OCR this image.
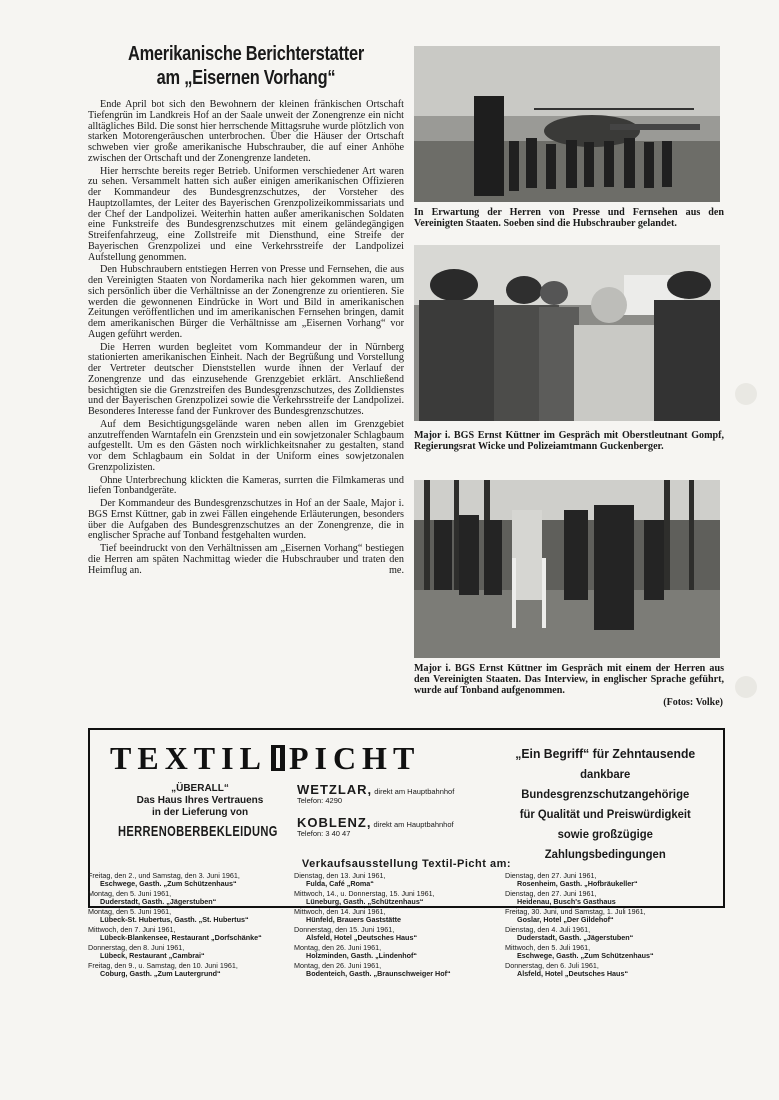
Amerikanische Berichterstatter
am „Eisernen Vorhang“

Ende April bot sich den Bewohnern der kleinen fränkischen Ortschaft Tiefengrün im Landkreis Hof an der Saale unweit der Zonengrenze ein nicht alltägliches Bild. Die sonst hier herrschende Mittagsruhe wurde plötzlich von starken Motorengeräuschen unterbrochen. Über die Häuser der Ortschaft schweben vier große amerikanische Hubschrauber, die auf einer Anhöhe zwischen der Ortschaft und der Zonengrenze landeten.

Hier herrschte bereits reger Betrieb. Uniformen verschiedener Art waren zu sehen. Versammelt hatten sich außer einigen amerikanischen Offizieren der Kommandeur des Bundesgrenzschutzes, der Vorsteher des Hauptzollamtes, der Leiter des Bayerischen Grenzpolizeikommissariats und der Chef der Landpolizei. Weiterhin hatten außer amerikanischen Soldaten eine Funkstreife des Bundesgrenzschutzes mit einem geländegängigen Streifenfahrzeug, eine Zollstreife mit Diensthund, eine Streife der Bayerischen Grenzpolizei und eine Verkehrsstreife der Landpolizei Aufstellung genommen.

Den Hubschraubern entstiegen Herren von Presse und Fernsehen, die aus den Vereinigten Staaten von Nordamerika nach hier gekommen waren, um sich persönlich über die Verhältnisse an der Zonengrenze zu orientieren. Sie werden die gewonnenen Eindrücke in Wort und Bild in amerikanischen Zeitungen veröffentlichen und im amerikanischen Fernsehen bringen, damit dem amerikanischen Bürger die Verhältnisse am „Eisernen Vorhang“ vor Augen geführt werden.

Die Herren wurden begleitet vom Kommandeur der in Nürnberg stationierten amerikanischen Einheit. Nach der Begrüßung und Vorstellung der Vertreter deutscher Dienststellen wurde ihnen der Verlauf der Zonengrenze und das einzusehende Grenzgebiet erklärt. Anschließend besichtigten sie die Grenzstreifen des Bundesgrenzschutzes, des Zolldienstes und der Bayerischen Grenzpolizei sowie die Verkehrsstreife der Landpolizei. Besonderes Interesse fand der Funkrover des Bundesgrenzschutzes.

Auf dem Besichtigungsgelände waren neben allen im Grenzgebiet anzutreffenden Warntafeln ein Grenzstein und ein sowjetzonaler Schlagbaum aufgestellt. Um es den Gästen noch wirklichkeitsnaher zu gestalten, stand vor dem Schlagbaum ein Soldat in der Uniform eines sowjetzonalen Grenzpolizisten.

Ohne Unterbrechung klickten die Kameras, surrten die Filmkameras und liefen Tonbandgeräte.

Der Kommandeur des Bundesgrenzschutzes in Hof an der Saale, Major i. BGS Ernst Küttner, gab in zwei Fällen eingehende Erläuterungen, besonders über die Aufgaben des Bundesgrenzschutzes an der Zonengrenze, die in englischer Sprache auf Tonband festgehalten wurden.

Tief beeindruckt von den Verhältnissen am „Eisernen Vorhang“ bestiegen die Herren am späten Nachmittag wieder die Hubschrauber und traten den Heimflug an.	me.

In Erwartung der Herren von Presse und Fernsehen aus den Vereinigten Staaten. Soeben sind die Hubschrauber gelandet.
Major i. BGS Ernst Küttner im Gespräch mit Oberstleutnant Gompf, Regierungsrat Wicke und Polizeiamtmann Guckenberger.
Major i. BGS Ernst Küttner im Gespräch mit einem der Herren aus den Vereinigten Staaten. Das Interview, in englischer Sprache geführt, wurde auf Tonband aufgenommen.
(Fotos: Volke)
TEXTIL PICHT
„ÜBERALL“
Das Haus Ihres Vertrauens
in der Lieferung von
HERRENOBERBEKLEIDUNG
WETZLAR, direkt am Hauptbahnhof
Telefon: 4290
KOBLENZ, direkt am Hauptbahnhof
Telefon: 3 40 47
„Ein Begriff“ für Zehntausende
dankbare Bundesgrenzschutzangehörige
für Qualität und Preiswürdigkeit
sowie großzügige Zahlungsbedingungen
Verkaufsausstellung Textil-Picht am:
Freitag, den 2., und Samstag, den 3. Juni 1961,
Eschwege, Gasth. „Zum Schützenhaus“
Montag, den 5. Juni 1961,
Duderstadt, Gasth. „Jägerstuben“
Montag, den 5. Juni 1961,
Lübeck-St. Hubertus, Gasth. „St. Hubertus“
Mittwoch, den 7. Juni 1961,
Lübeck-Blankensee, Restaurant „Dorfschänke“
Donnerstag, den 8. Juni 1961,
Lübeck, Restaurant „Cambrai“
Freitag, den 9., u. Samstag, den 10. Juni 1961,
Coburg, Gasth. „Zum Lautergrund“
Dienstag, den 13. Juni 1961,
Fulda, Café „Roma“
Mittwoch, 14., u. Donnerstag, 15. Juni 1961,
Lüneburg, Gasth. „Schützenhaus“
Mittwoch, den 14. Juni 1961,
Hünfeld, Brauers Gaststätte
Donnerstag, den 15. Juni 1961,
Alsfeld, Hotel „Deutsches Haus“
Montag, den 26. Juni 1961,
Holzminden, Gasth. „Lindenhof“
Montag, den 26. Juni 1961,
Bodenteich, Gasth. „Braunschweiger Hof“
Dienstag, den 27. Juni 1961,
Rosenheim, Gasth. „Hofbräukeller“
Dienstag, den 27. Juni 1961,
Heidenau, Busch's Gasthaus
Freitag, 30. Juni, und Samstag, 1. Juli 1961,
Goslar, Hotel „Der Gildehof“
Dienstag, den 4. Juli 1961,
Duderstadt, Gasth. „Jägerstuben“
Mittwoch, den 5. Juli 1961,
Eschwege, Gasth. „Zum Schützenhaus“
Donnerstag, den 6. Juli 1961,
Alsfeld, Hotel „Deutsches Haus“
